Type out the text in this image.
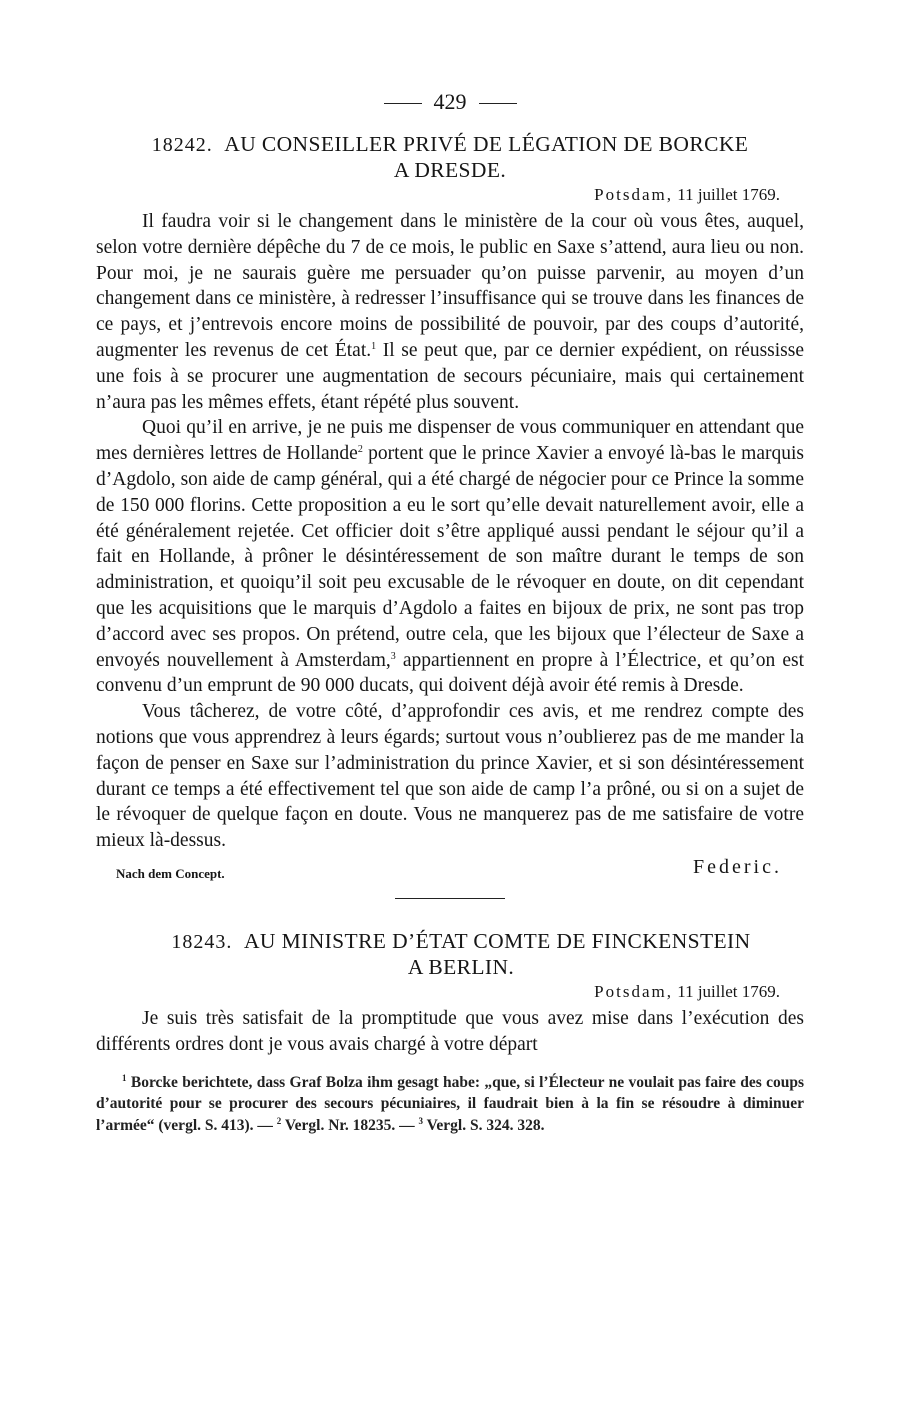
429
18242. AU CONSEILLER PRIVÉ DE LÉGATION DE BORCKE
A DRESDE.
Potsdam, 11 juillet 1769.

Il faudra voir si le changement dans le ministère de la cour où vous êtes, auquel, selon votre dernière dépêche du 7 de ce mois, le public en Saxe s’attend, aura lieu ou non. Pour moi, je ne saurais guère me persuader qu’on puisse parvenir, au moyen d’un changement dans ce ministère, à redresser l’insuffisance qui se trouve dans les finances de ce pays, et j’entrevois encore moins de possibilité de pouvoir, par des coups d’autorité, augmenter les revenus de cet État.$^1$ Il se peut que, par ce dernier expédient, on réussisse une fois à se procurer une augmentation de secours pécuniaire, mais qui certainement n’aura pas les mêmes effets, étant répété plus souvent.

Quoi qu’il en arrive, je ne puis me dispenser de vous communiquer en attendant que mes dernières lettres de Hollande$^2$ portent que le prince Xavier a envoyé là-bas le marquis d’Agdolo, son aide de camp général, qui a été chargé de négocier pour ce Prince la somme de 150 000 florins. Cette proposition a eu le sort qu’elle devait naturellement avoir, elle a été généralement rejetée. Cet officier doit s’être appliqué aussi pendant le séjour qu’il a fait en Hollande, à prôner le désintéressement de son maître durant le temps de son administration, et quoiqu’il soit peu excusable de le révoquer en doute, on dit cependant que les acquisitions que le marquis d’Agdolo a faites en bijoux de prix, ne sont pas trop d’accord avec ses propos. On prétend, outre cela, que les bijoux que l’électeur de Saxe a envoyés nouvellement à Amsterdam,$^3$ appartiennent en propre à l’Électrice, et qu’on est convenu d’un emprunt de 90 000 ducats, qui doivent déjà avoir été remis à Dresde.

Vous tâcherez, de votre côté, d’approfondir ces avis, et me rendrez compte des notions que vous apprendrez à leurs égards; surtout vous n’oublierez pas de me mander la façon de penser en Saxe sur l’administration du prince Xavier, et si son désintéressement durant ce temps a été effectivement tel que son aide de camp l’a prôné, ou si on a sujet de le révoquer de quelque façon en doute. Vous ne manquerez pas de me satisfaire de votre mieux là-dessus.

Nach dem Concept.	Federic.
18243. AU MINISTRE D’ÉTAT COMTE DE FINCKENSTEIN
A BERLIN.
Potsdam, 11 juillet 1769.

Je suis très satisfait de la promptitude que vous avez mise dans l’exécution des différents ordres dont je vous avais chargé à votre départ

$^1$ Borcke berichtete, dass Graf Bolza ihm gesagt habe: „que, si l’Électeur ne voulait pas faire des coups d’autorité pour se procurer des secours pécuniaires, il faudrait bien à la fin se résoudre à diminuer l’armée“ (vergl. S. 413). — $^2$ Vergl. Nr. 18235. — $^3$ Vergl. S. 324. 328.
